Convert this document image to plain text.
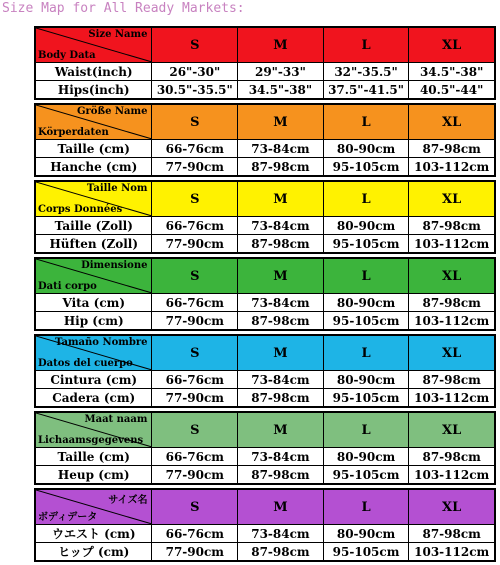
Size Map for All Ready Markets:
Size Name
Body Data
S	M	L	XL
Waist(inch)	26"-30"	29"-33"	32"-35.5"	34.5"-38"
Hips(inch)	30.5"-35.5"	34.5"-38"	37.5"-41.5"	40.5"-44"
Größe Name
Körperdaten
S	M	L	XL
Taille (cm)	66-76cm	73-84cm	80-90cm	87-98cm
Hanche (cm)	77-90cm	87-98cm	95-105cm	103-112cm
Taille Nom
Corps Données
S	M	L	XL
Taille (Zoll)	66-76cm	73-84cm	80-90cm	87-98cm
Hüften (Zoll)	77-90cm	87-98cm	95-105cm	103-112cm
Dimensione
Dati corpo
S	M	L	XL
Vita (cm)	66-76cm	73-84cm	80-90cm	87-98cm
Hip (cm)	77-90cm	87-98cm	95-105cm	103-112cm
Tamaño Nombre
Datos del cuerpo
S	M	L	XL
Cintura (cm)	66-76cm	73-84cm	80-90cm	87-98cm
Cadera (cm)	77-90cm	87-98cm	95-105cm	103-112cm
Maat naam
Lichaamsgegevens
S	M	L	XL
Taille (cm)	66-76cm	73-84cm	80-90cm	87-98cm
Heup (cm)	77-90cm	87-98cm	95-105cm	103-112cm
サイズ名
ボディデータ
S	M	L	XL
ウエスト (cm)	66-76cm	73-84cm	80-90cm	87-98cm
ヒップ (cm)	77-90cm	87-98cm	95-105cm	103-112cm
